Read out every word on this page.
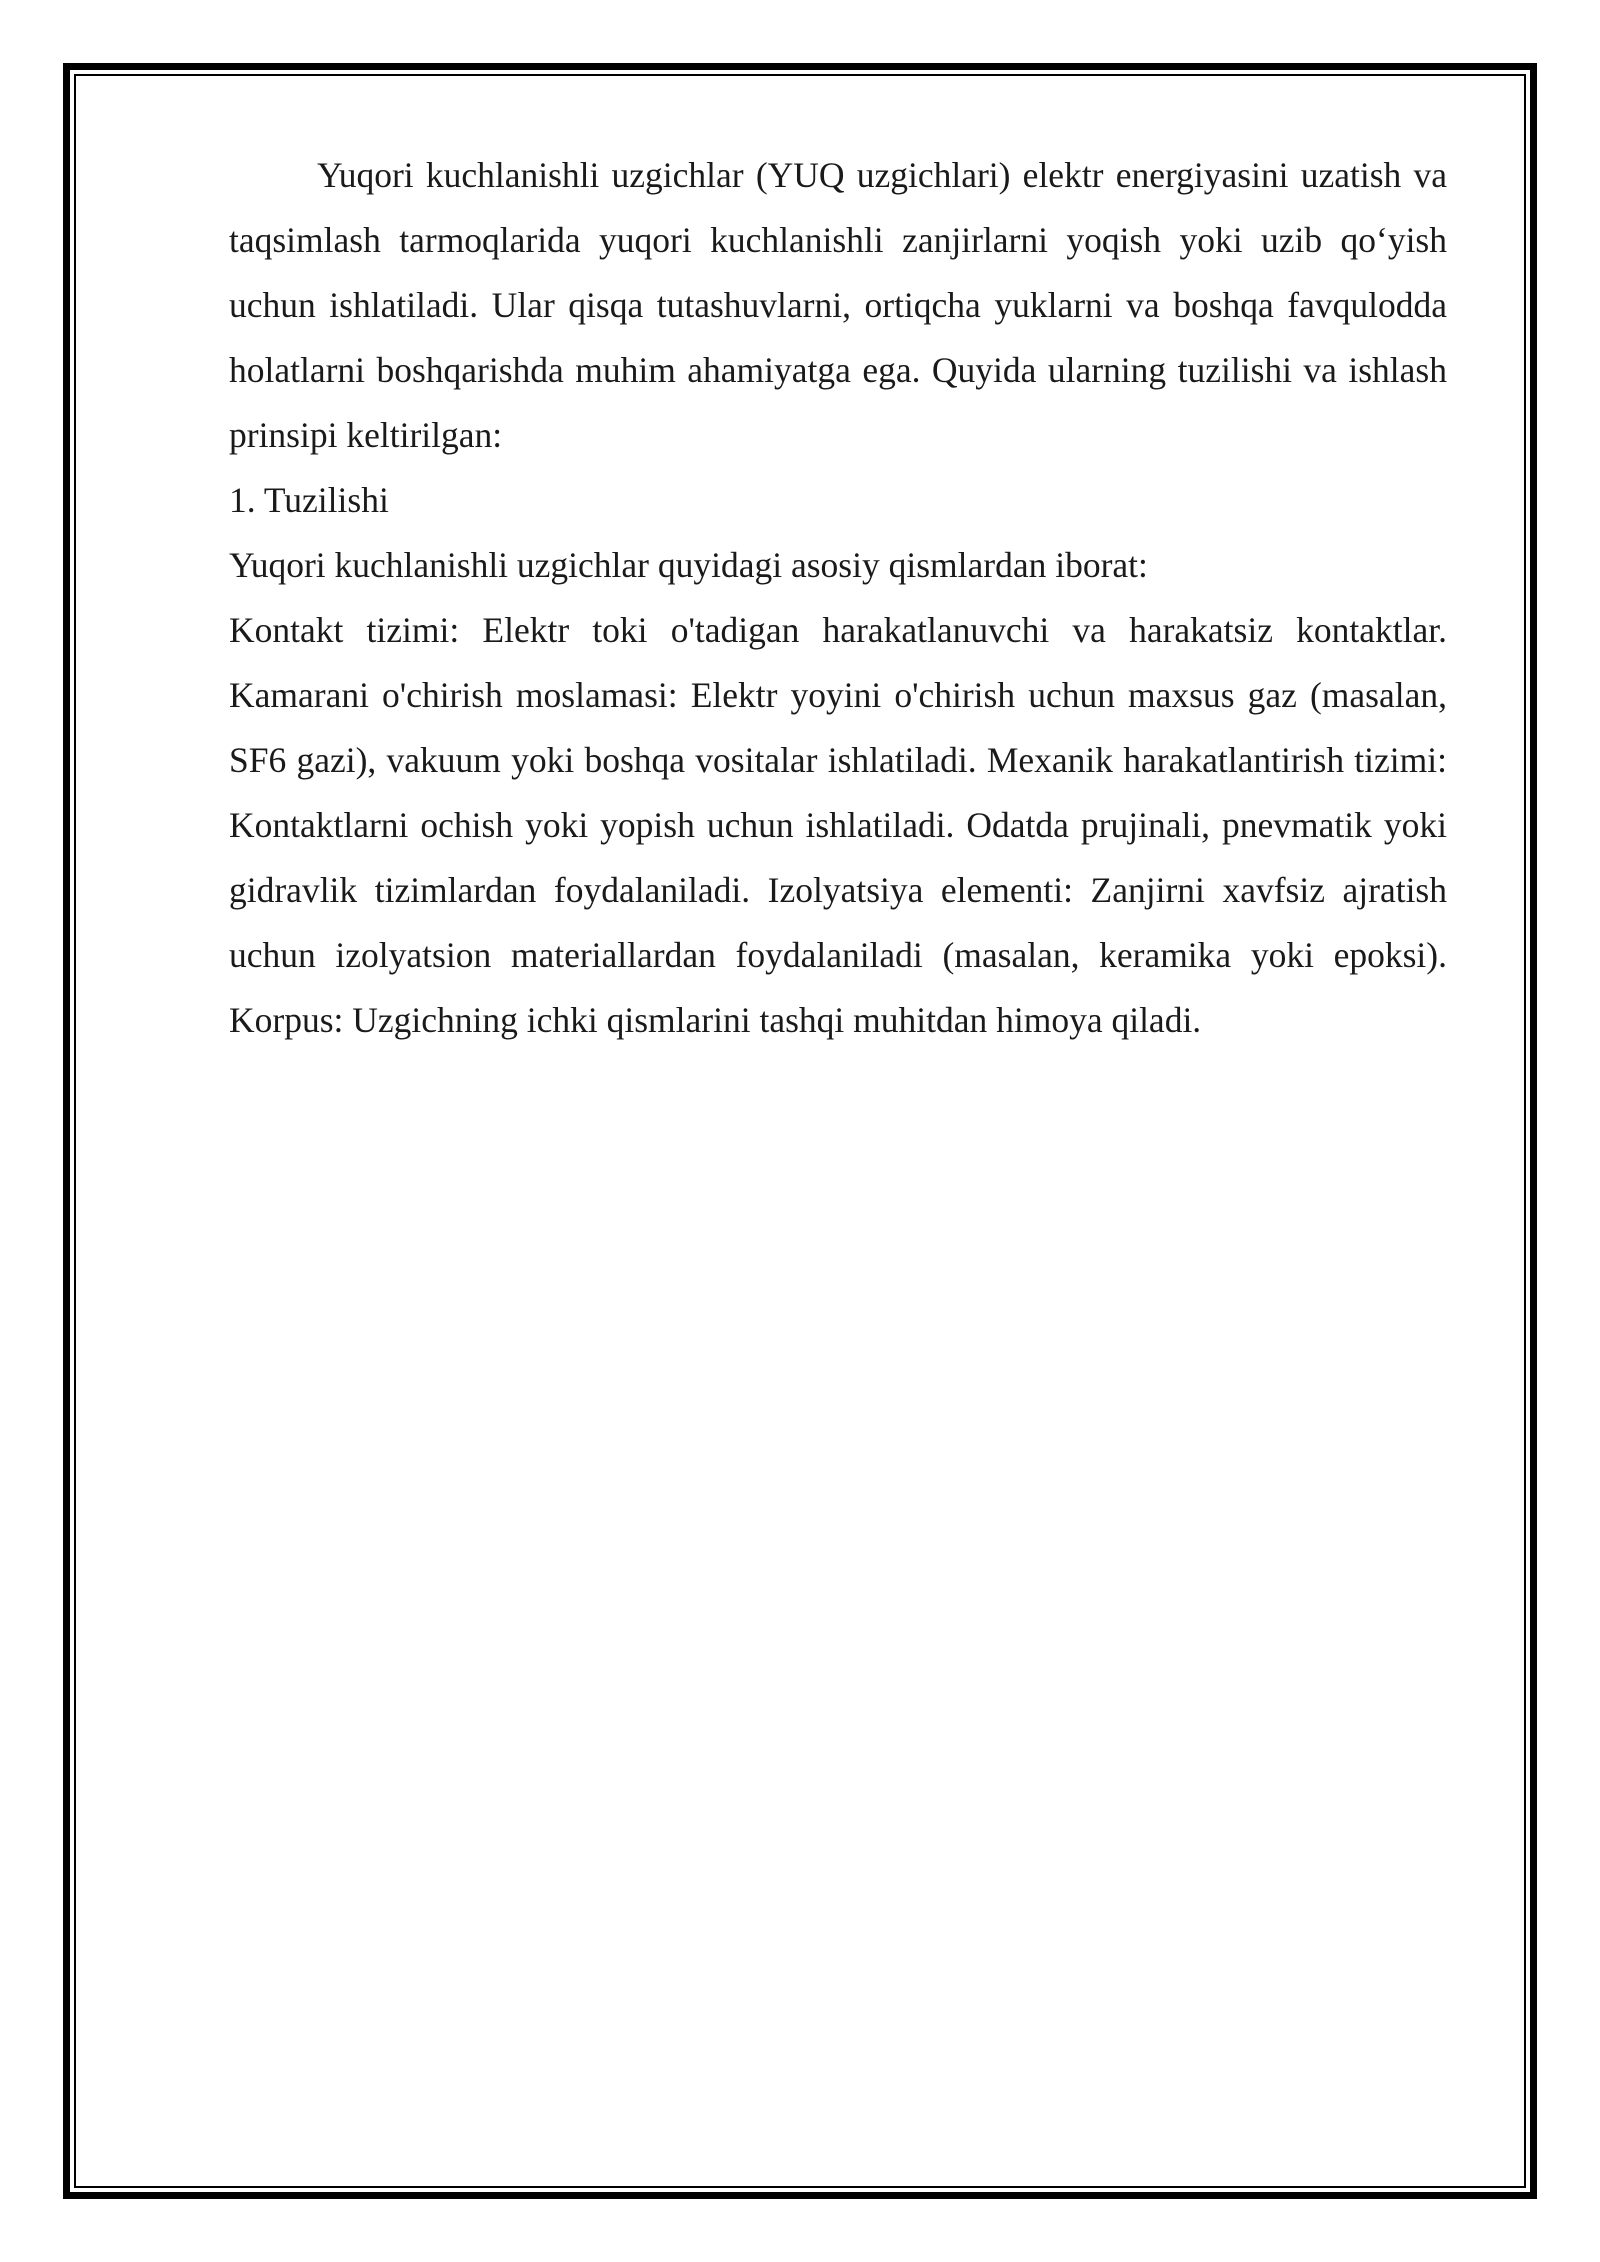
Yuqori kuchlanishli uzgichlar (YUQ uzgichlari) elektr energiyasini uzatish va taqsimlash tarmoqlarida yuqori kuchlanishli zanjirlarni yoqish yoki uzib qo‘yish uchun ishlatiladi. Ular qisqa tutashuvlarni, ortiqcha yuklarni va boshqa favqulodda holatlarni boshqarishda muhim ahamiyatga ega. Quyida ularning tuzilishi va ishlash prinsipi keltirilgan:

1. Tuzilishi

Yuqori kuchlanishli uzgichlar quyidagi asosiy qismlardan iborat:

Kontakt tizimi: Elektr toki o'tadigan harakatlanuvchi va harakatsiz kontaktlar. Kamarani o'chirish moslamasi: Elektr yoyini o'chirish uchun maxsus gaz (masalan, SF6 gazi), vakuum yoki boshqa vositalar ishlatiladi. Mexanik harakatlantirish tizimi: Kontaktlarni ochish yoki yopish uchun ishlatiladi. Odatda prujinali, pnevmatik yoki gidravlik tizimlardan foydalaniladi. Izolyatsiya elementi: Zanjirni xavfsiz ajratish uchun izolyatsion materiallardan foydalaniladi (masalan, keramika yoki epoksi). Korpus: Uzgichning ichki qismlarini tashqi muhitdan himoya qiladi.
